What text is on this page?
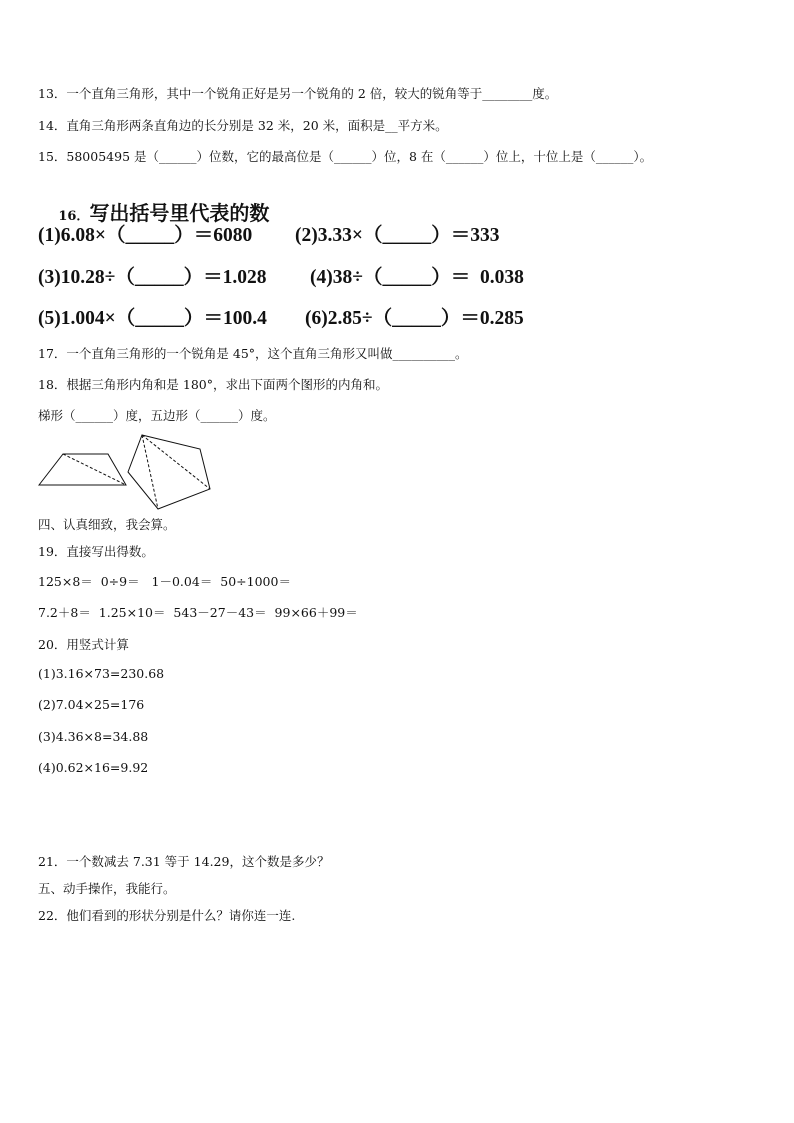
13．一个直角三角形，其中一个锐角正好是另一个锐角的 2 倍，较大的锐角等于________度。
14．直角三角形两条直角边的长分别是 32 米，20 米，面积是__平方米。
15．58005495 是（______）位数，它的最高位是（______）位，8 在（______）位上，十位上是（______）。

16．写出括号里代表的数

(1)6.08×（_____）＝6080 (2)3.33×（_____）＝333
(3)10.28÷（_____）＝1.028 (4)38÷（_____）＝  0.038
(5)1.004×（_____）＝100.4 (6)2.85÷（_____）＝0.285
17．一个直角三角形的一个锐角是 45°，这个直角三角形又叫做__________。
18．根据三角形内角和是 180°，求出下面两个图形的内角和。
梯形（______）度，五边形（______）度。
四、认真细致，我会算。
19．直接写出得数。
125×8＝  0÷9＝   1－0.04＝  50÷1000＝
7.2＋8＝  1.25×10＝  543－27－43＝  99×66＋99＝
20．用竖式计算
(1)3.16×73=230.68
(2)7.04×25=176
(3)4.36×8=34.88
(4)0.62×16=9.92
21．一个数减去 7.31 等于 14.29，这个数是多少？
五、动手操作，我能行。
22．他们看到的形状分别是什么？请你连一连.
